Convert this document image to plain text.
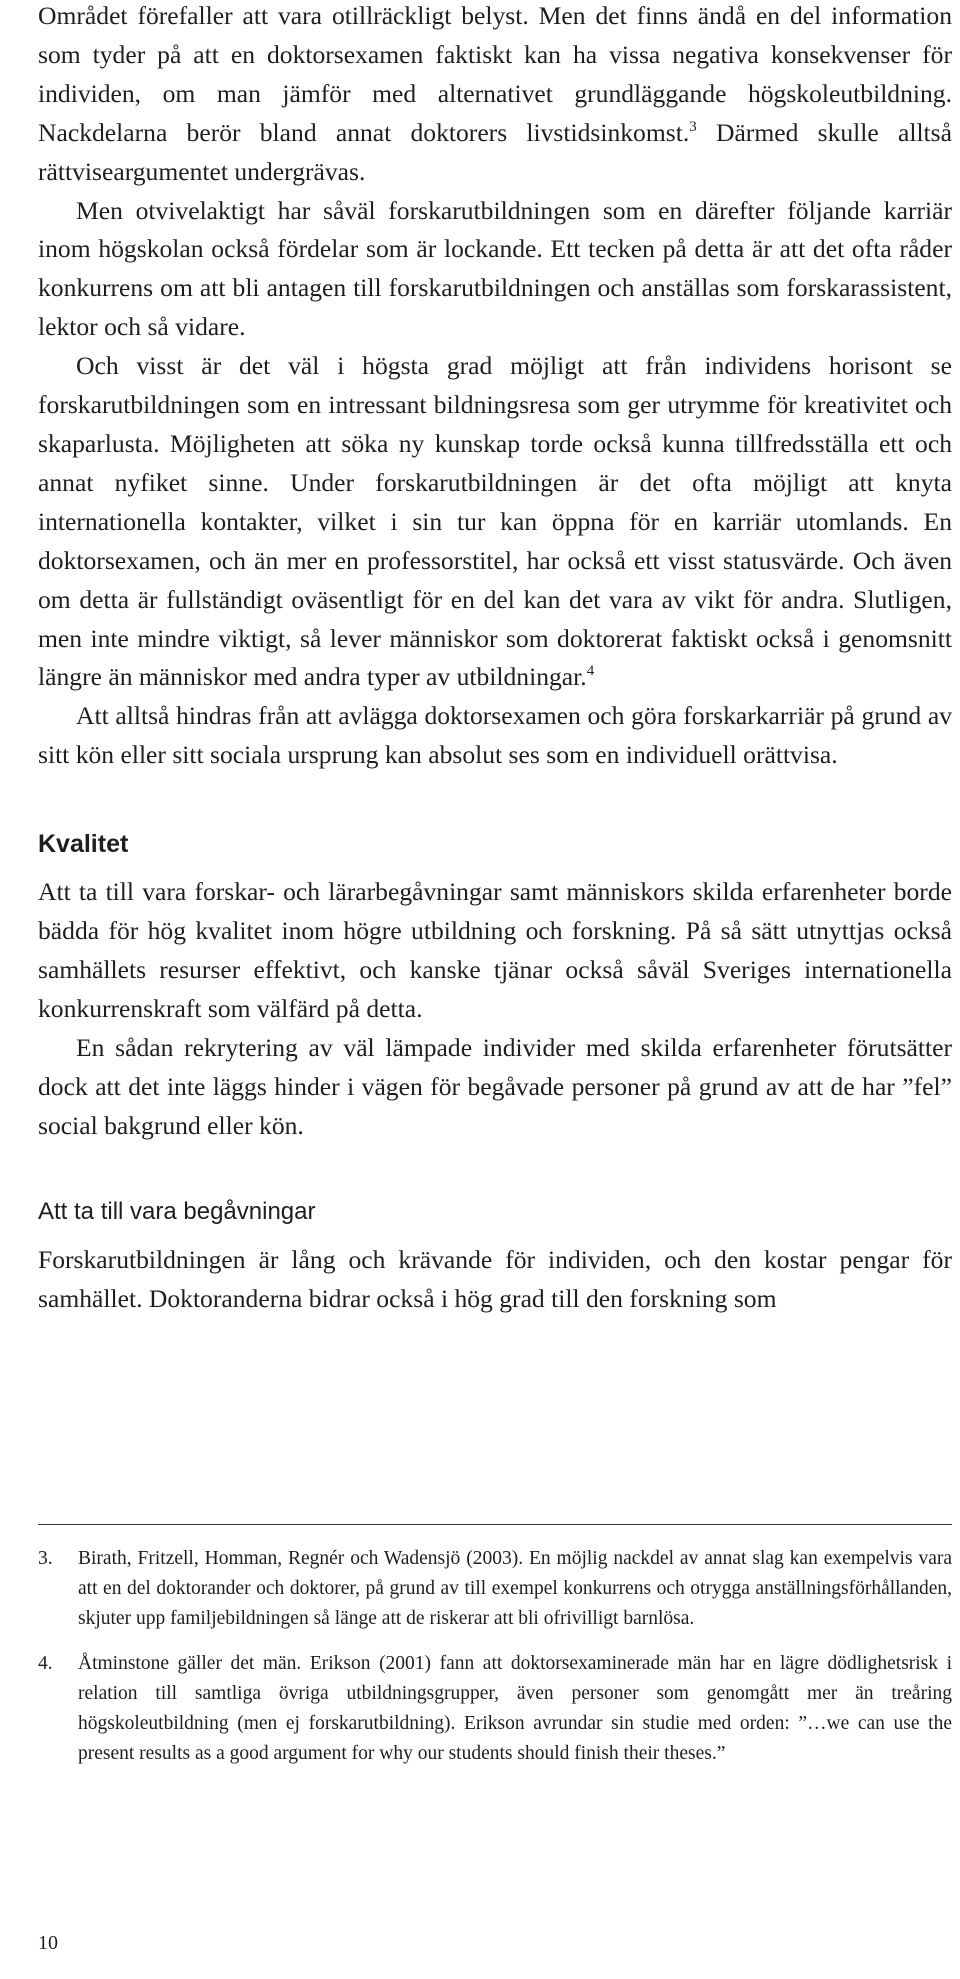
Området förefaller att vara otillräckligt belyst. Men det finns ändå en del information som tyder på att en doktorsexamen faktiskt kan ha vissa negativa konsekvenser för individen, om man jämför med alternativet grundläggande högskoleutbildning. Nackdelarna berör bland annat doktorers livstidsinkomst.$^3$ Därmed skulle alltså rättviseargumentet undergrävas.

Men otvivelaktigt har såväl forskarutbildningen som en därefter följande karriär inom högskolan också fördelar som är lockande. Ett tecken på detta är att det ofta råder konkurrens om att bli antagen till forskarutbildningen och anställas som forskarassistent, lektor och så vidare.

Och visst är det väl i högsta grad möjligt att från individens horisont se forskarutbildningen som en intressant bildningsresa som ger utrymme för kreativitet och skaparlusta. Möjligheten att söka ny kunskap torde också kunna tillfredsställa ett och annat nyfiket sinne. Under forskarutbildningen är det ofta möjligt att knyta internationella kontakter, vilket i sin tur kan öppna för en karriär utomlands. En doktorsexamen, och än mer en professorstitel, har också ett visst statusvärde. Och även om detta är fullständigt oväsentligt för en del kan det vara av vikt för andra. Slutligen, men inte mindre viktigt, så lever människor som doktorerat faktiskt också i genomsnitt längre än människor med andra typer av utbildningar.$^4$

Att alltså hindras från att avlägga doktorsexamen och göra forskarkarriär på grund av sitt kön eller sitt sociala ursprung kan absolut ses som en individuell orättvisa.

Kvalitet

Att ta till vara forskar- och lärarbegåvningar samt människors skilda erfarenheter borde bädda för hög kvalitet inom högre utbildning och forskning. På så sätt utnyttjas också samhällets resurser effektivt, och kanske tjänar också såväl Sveriges internationella konkurrenskraft som välfärd på detta.

En sådan rekrytering av väl lämpade individer med skilda erfarenheter förutsätter dock att det inte läggs hinder i vägen för begåvade personer på grund av att de har ”fel” social bakgrund eller kön.

Att ta till vara begåvningar

Forskarutbildningen är lång och krävande för individen, och den kostar pengar för samhället. Doktoranderna bidrar också i hög grad till den forskning som

3. Birath, Fritzell, Homman, Regnér och Wadensjö (2003). En möjlig nackdel av annat slag kan exempelvis vara att en del doktorander och doktorer, på grund av till exempel konkurrens och otrygga anställningsförhållanden, skjuter upp familjebildningen så länge att de riskerar att bli ofrivilligt barnlösa.

4. Åtminstone gäller det män. Erikson (2001) fann att doktorsexaminerade män har en lägre dödlighetsrisk i relation till samtliga övriga utbildningsgrupper, även personer som genomgått mer än treåring högskoleutbildning (men ej forskarutbildning). Erikson avrundar sin studie med orden: ”…we can use the present results as a good argument for why our students should finish their theses.”

10
